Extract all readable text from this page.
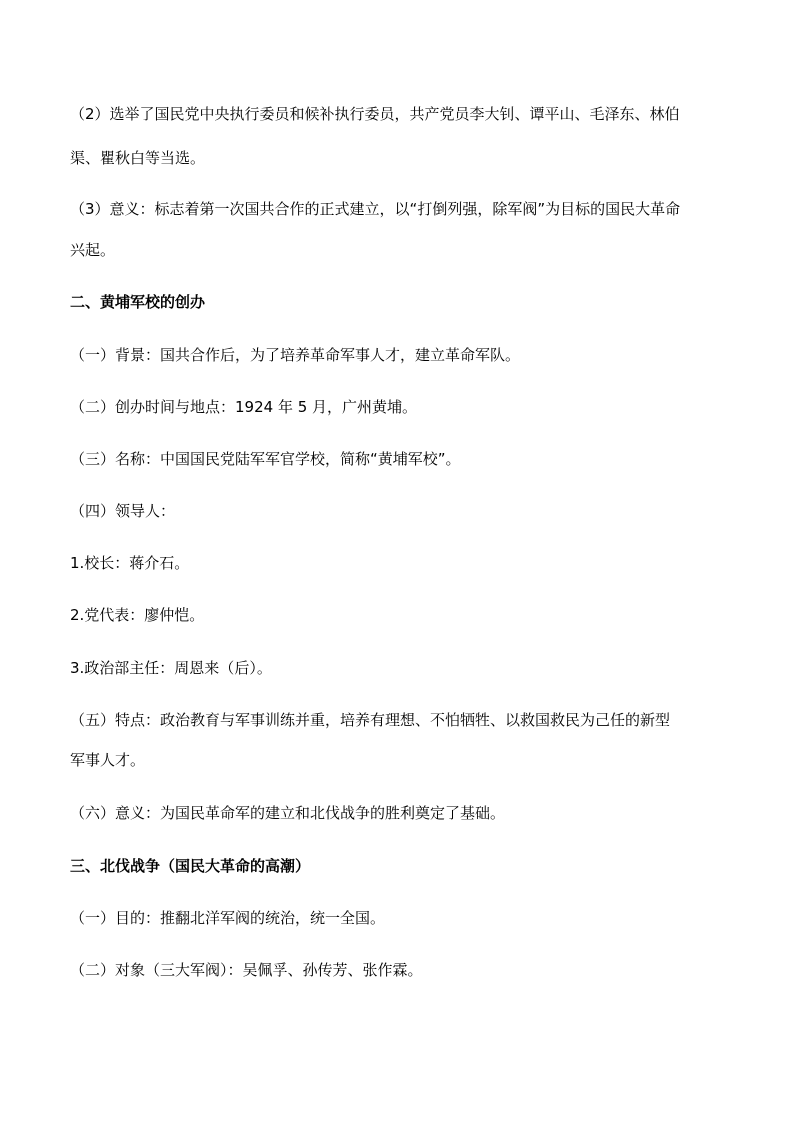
（2）选举了国民党中央执行委员和候补执行委员，共产党员李大钊、谭平山、毛泽东、林伯
渠、瞿秋白等当选。
（3）意义：标志着第一次国共合作的正式建立，以“打倒列强，除军阀”为目标的国民大革命
兴起。
二、黄埔军校的创办
（一）背景：国共合作后，为了培养革命军事人才，建立革命军队。
（二）创办时间与地点：1924 年 5 月，广州黄埔。
（三）名称：中国国民党陆军军官学校，简称“黄埔军校”。
（四）领导人：
1.校长：蒋介石。
2.党代表：廖仲恺。
3.政治部主任：周恩来（后）。
（五）特点：政治教育与军事训练并重，培养有理想、不怕牺牲、以救国救民为己任的新型
军事人才。
（六）意义：为国民革命军的建立和北伐战争的胜利奠定了基础。
三、北伐战争（国民大革命的高潮）
（一）目的：推翻北洋军阀的统治，统一全国。
（二）对象（三大军阀）：吴佩孚、孙传芳、张作霖。
